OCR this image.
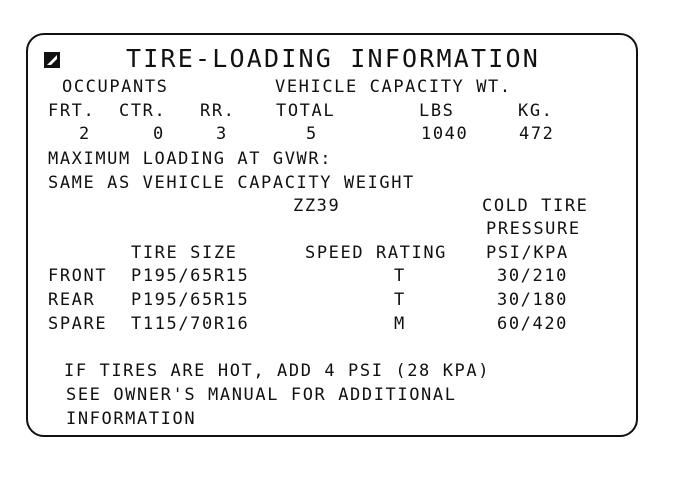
TIRE-LOADING INFORMATION
OCCUPANTS	VEHICLE CAPACITY WT.
FRT. CTR. RR. TOTAL	LBS	KG.
2	0	3	5	1040	472
MAXIMUM LOADING AT GVWR:
SAME AS VEHICLE CAPACITY WEIGHT
ZZ39	COLD TIRE
PRESSURE
TIRE SIZE	SPEED RATING PSI/KPA
FRONT P195/65R15	T	30/210
REAR P195/65R15	T	30/180
SPARE T115/70R16	M	60/420
IF TIRES ARE HOT, ADD 4 PSI (28 KPA)
SEE OWNER'S MANUAL FOR ADDITIONAL
INFORMATION
